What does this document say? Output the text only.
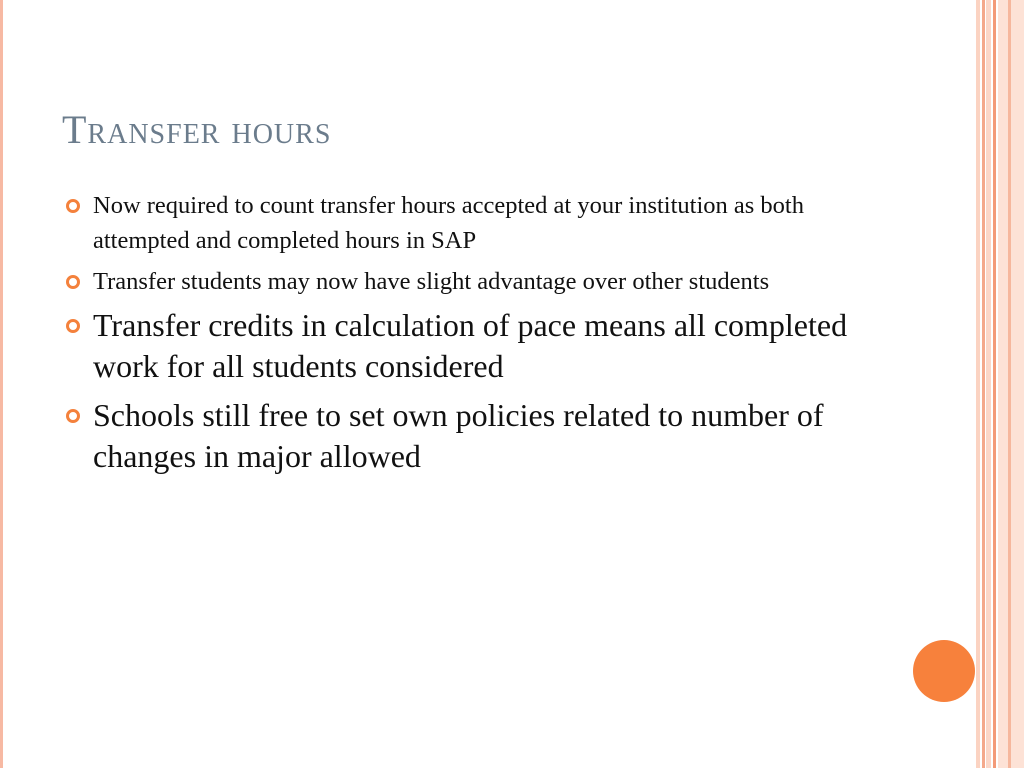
Transfer hours
Now required to count transfer hours accepted at your institution as both attempted and completed hours in SAP
Transfer students may now have slight advantage over other students
Transfer credits in calculation of pace means all completed work for all students considered
Schools still free to set own policies related to number of changes in major allowed
